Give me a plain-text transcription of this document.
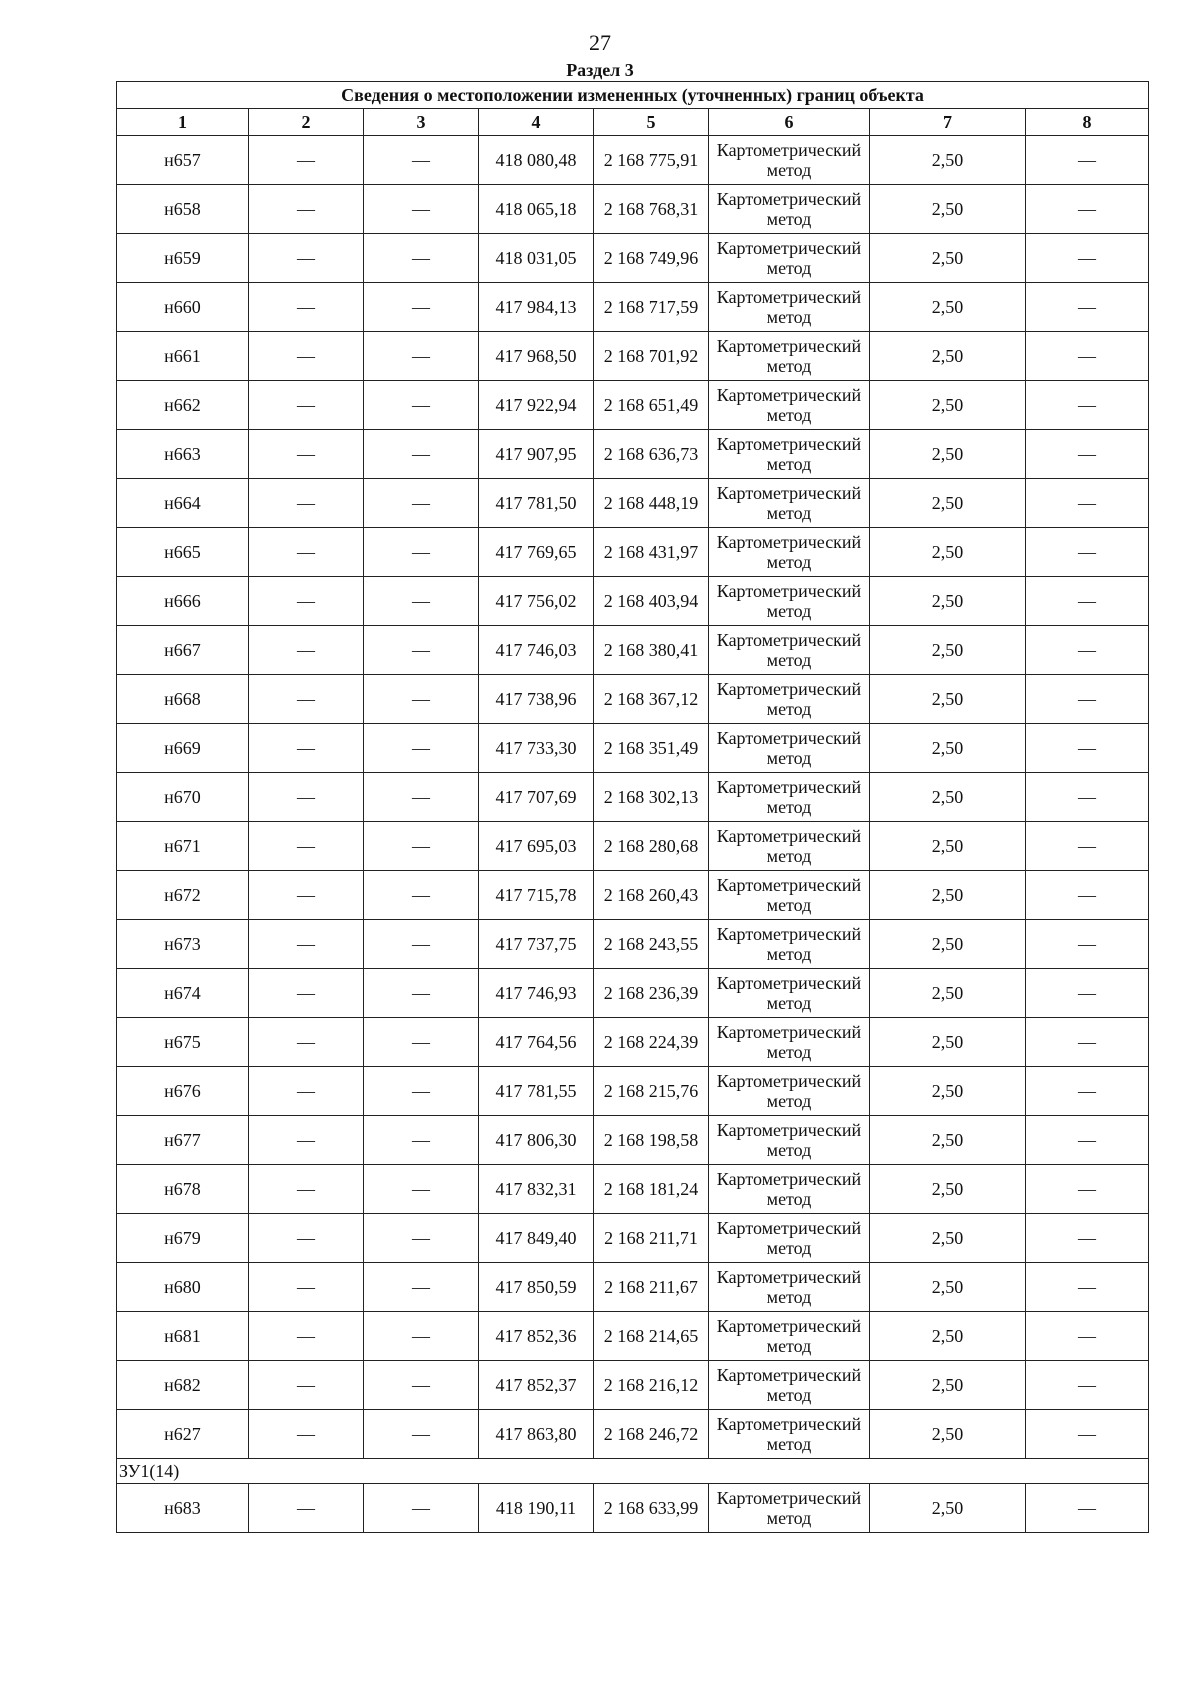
27
Раздел 3
Сведения о местоположении измененных (уточненных) границ объекта							
1	2	3	4	5	6	7	8
н657	—	—	418 080,48	2 168 775,91	Картометрический метод	2,50	—
н658	—	—	418 065,18	2 168 768,31	Картометрический метод	2,50	—
н659	—	—	418 031,05	2 168 749,96	Картометрический метод	2,50	—
н660	—	—	417 984,13	2 168 717,59	Картометрический метод	2,50	—
н661	—	—	417 968,50	2 168 701,92	Картометрический метод	2,50	—
н662	—	—	417 922,94	2 168 651,49	Картометрический метод	2,50	—
н663	—	—	417 907,95	2 168 636,73	Картометрический метод	2,50	—
н664	—	—	417 781,50	2 168 448,19	Картометрический метод	2,50	—
н665	—	—	417 769,65	2 168 431,97	Картометрический метод	2,50	—
н666	—	—	417 756,02	2 168 403,94	Картометрический метод	2,50	—
н667	—	—	417 746,03	2 168 380,41	Картометрический метод	2,50	—
н668	—	—	417 738,96	2 168 367,12	Картометрический метод	2,50	—
н669	—	—	417 733,30	2 168 351,49	Картометрический метод	2,50	—
н670	—	—	417 707,69	2 168 302,13	Картометрический метод	2,50	—
н671	—	—	417 695,03	2 168 280,68	Картометрический метод	2,50	—
н672	—	—	417 715,78	2 168 260,43	Картометрический метод	2,50	—
н673	—	—	417 737,75	2 168 243,55	Картометрический метод	2,50	—
н674	—	—	417 746,93	2 168 236,39	Картометрический метод	2,50	—
н675	—	—	417 764,56	2 168 224,39	Картометрический метод	2,50	—
н676	—	—	417 781,55	2 168 215,76	Картометрический метод	2,50	—
н677	—	—	417 806,30	2 168 198,58	Картометрический метод	2,50	—
н678	—	—	417 832,31	2 168 181,24	Картометрический метод	2,50	—
н679	—	—	417 849,40	2 168 211,71	Картометрический метод	2,50	—
н680	—	—	417 850,59	2 168 211,67	Картометрический метод	2,50	—
н681	—	—	417 852,36	2 168 214,65	Картометрический метод	2,50	—
н682	—	—	417 852,37	2 168 216,12	Картометрический метод	2,50	—
н627	—	—	417 863,80	2 168 246,72	Картометрический метод	2,50	—
ЗУ1(14)							
н683	—	—	418 190,11	2 168 633,99	Картометрический метод	2,50	—
